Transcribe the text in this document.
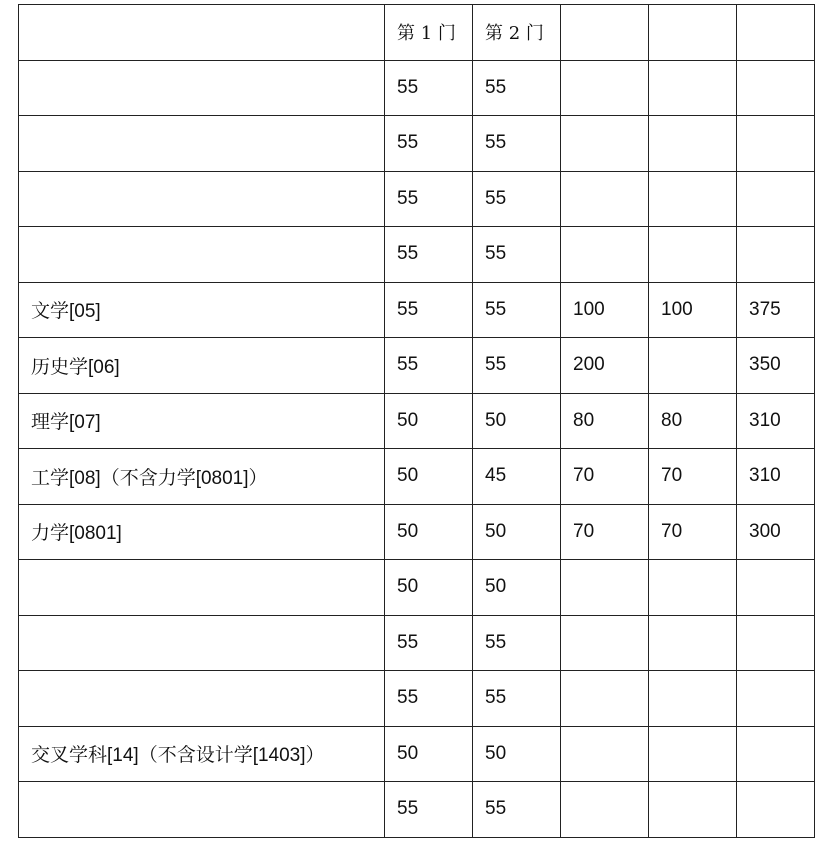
	第 1 门	第 2 门			
	55	55			
	55	55			
	55	55			
	55	55			
文学[05]	55	55	100	100	375
历史学[06]	55	55	200		350
理学[07]	50	50	80	80	310
工学[08]（不含力学[0801]）	50	45	70	70	310
力学[0801]	50	50	70	70	300
	50	50			
	55	55			
	55	55			
交叉学科[14]（不含设计学[1403]）	50	50			
	55	55			
